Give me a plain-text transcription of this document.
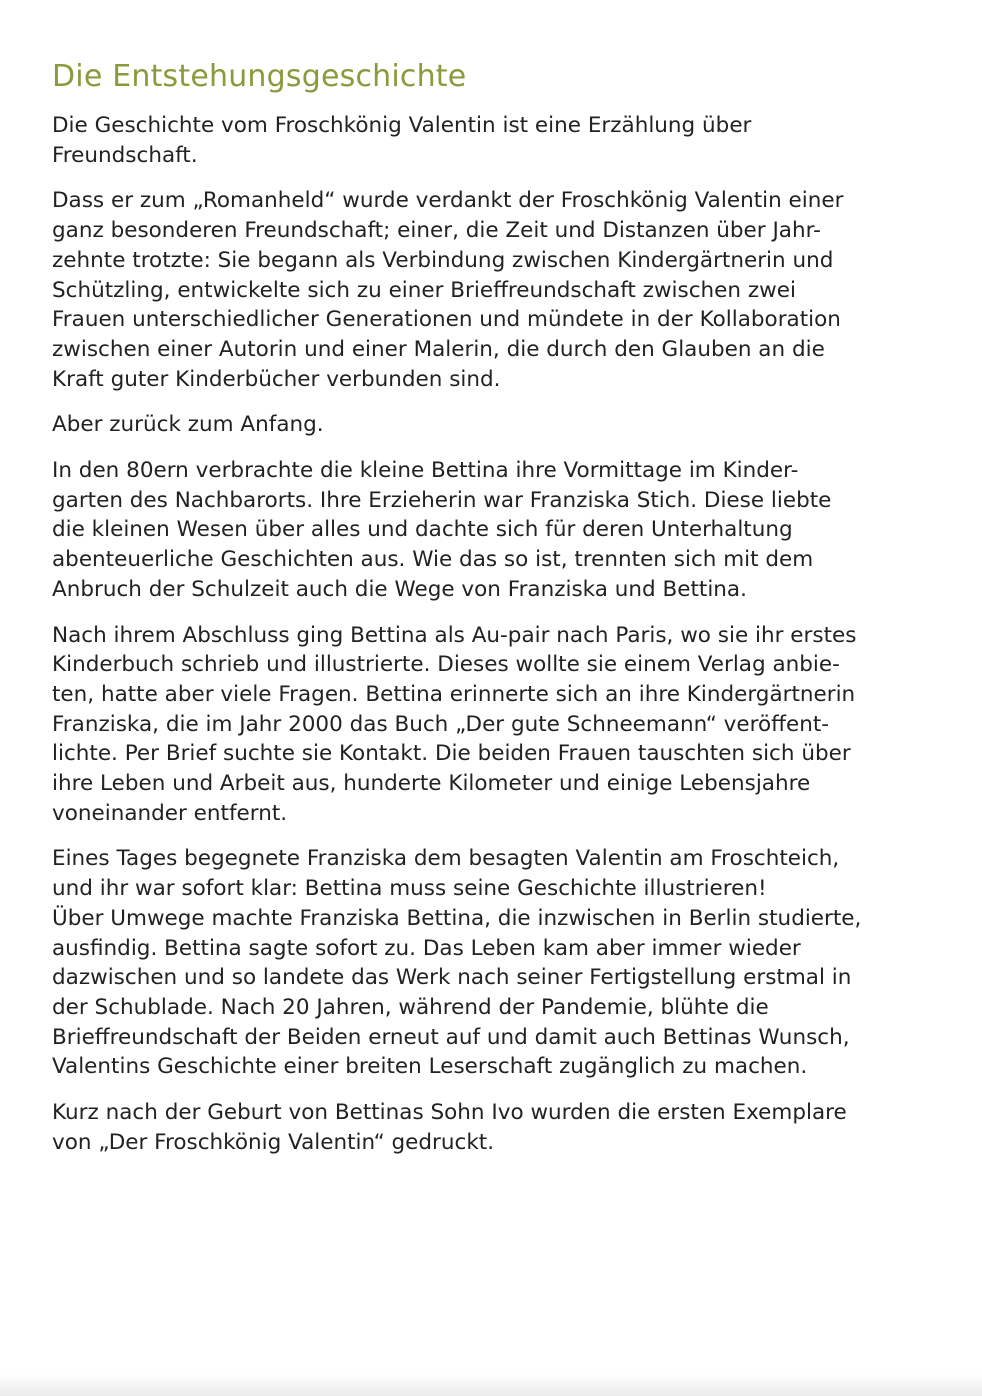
Die Entstehungsgeschichte

Die Geschichte vom Froschkönig Valentin ist eine Erzählung über
Freundschaft.

Dass er zum „Romanheld“ wurde verdankt der Froschkönig Valentin einer
ganz besonderen Freundschaft; einer, die Zeit und Distanzen über Jahr-
zehnte trotzte: Sie begann als Verbindung zwischen Kindergärtnerin und
Schützling, entwickelte sich zu einer Brieffreundschaft zwischen zwei
Frauen unterschiedlicher Generationen und mündete in der Kollaboration
zwischen einer Autorin und einer Malerin, die durch den Glauben an die
Kraft guter Kinderbücher verbunden sind.

Aber zurück zum Anfang.

In den 80ern verbrachte die kleine Bettina ihre Vormittage im Kinder-
garten des Nachbarorts. Ihre Erzieherin war Franziska Stich. Diese liebte
die kleinen Wesen über alles und dachte sich für deren Unterhaltung
abenteuerliche Geschichten aus. Wie das so ist, trennten sich mit dem
Anbruch der Schulzeit auch die Wege von Franziska und Bettina.

Nach ihrem Abschluss ging Bettina als Au-pair nach Paris, wo sie ihr erstes
Kinderbuch schrieb und illustrierte. Dieses wollte sie einem Verlag anbie-
ten, hatte aber viele Fragen. Bettina erinnerte sich an ihre Kindergärtnerin
Franziska, die im Jahr 2000 das Buch „Der gute Schneemann“ veröffent-
lichte. Per Brief suchte sie Kontakt. Die beiden Frauen tauschten sich über
ihre Leben und Arbeit aus, hunderte Kilometer und einige Lebensjahre
voneinander entfernt.

Eines Tages begegnete Franziska dem besagten Valentin am Froschteich,
und ihr war sofort klar: Bettina muss seine Geschichte illustrieren!
Über Umwege machte Franziska Bettina, die inzwischen in Berlin studierte,
ausfindig. Bettina sagte sofort zu. Das Leben kam aber immer wieder
dazwischen und so landete das Werk nach seiner Fertigstellung erstmal in
der Schublade. Nach 20 Jahren, während der Pandemie, blühte die
Brieffreundschaft der Beiden erneut auf und damit auch Bettinas Wunsch,
Valentins Geschichte einer breiten Leserschaft zugänglich zu machen.

Kurz nach der Geburt von Bettinas Sohn Ivo wurden die ersten Exemplare
von „Der Froschkönig Valentin“ gedruckt.
